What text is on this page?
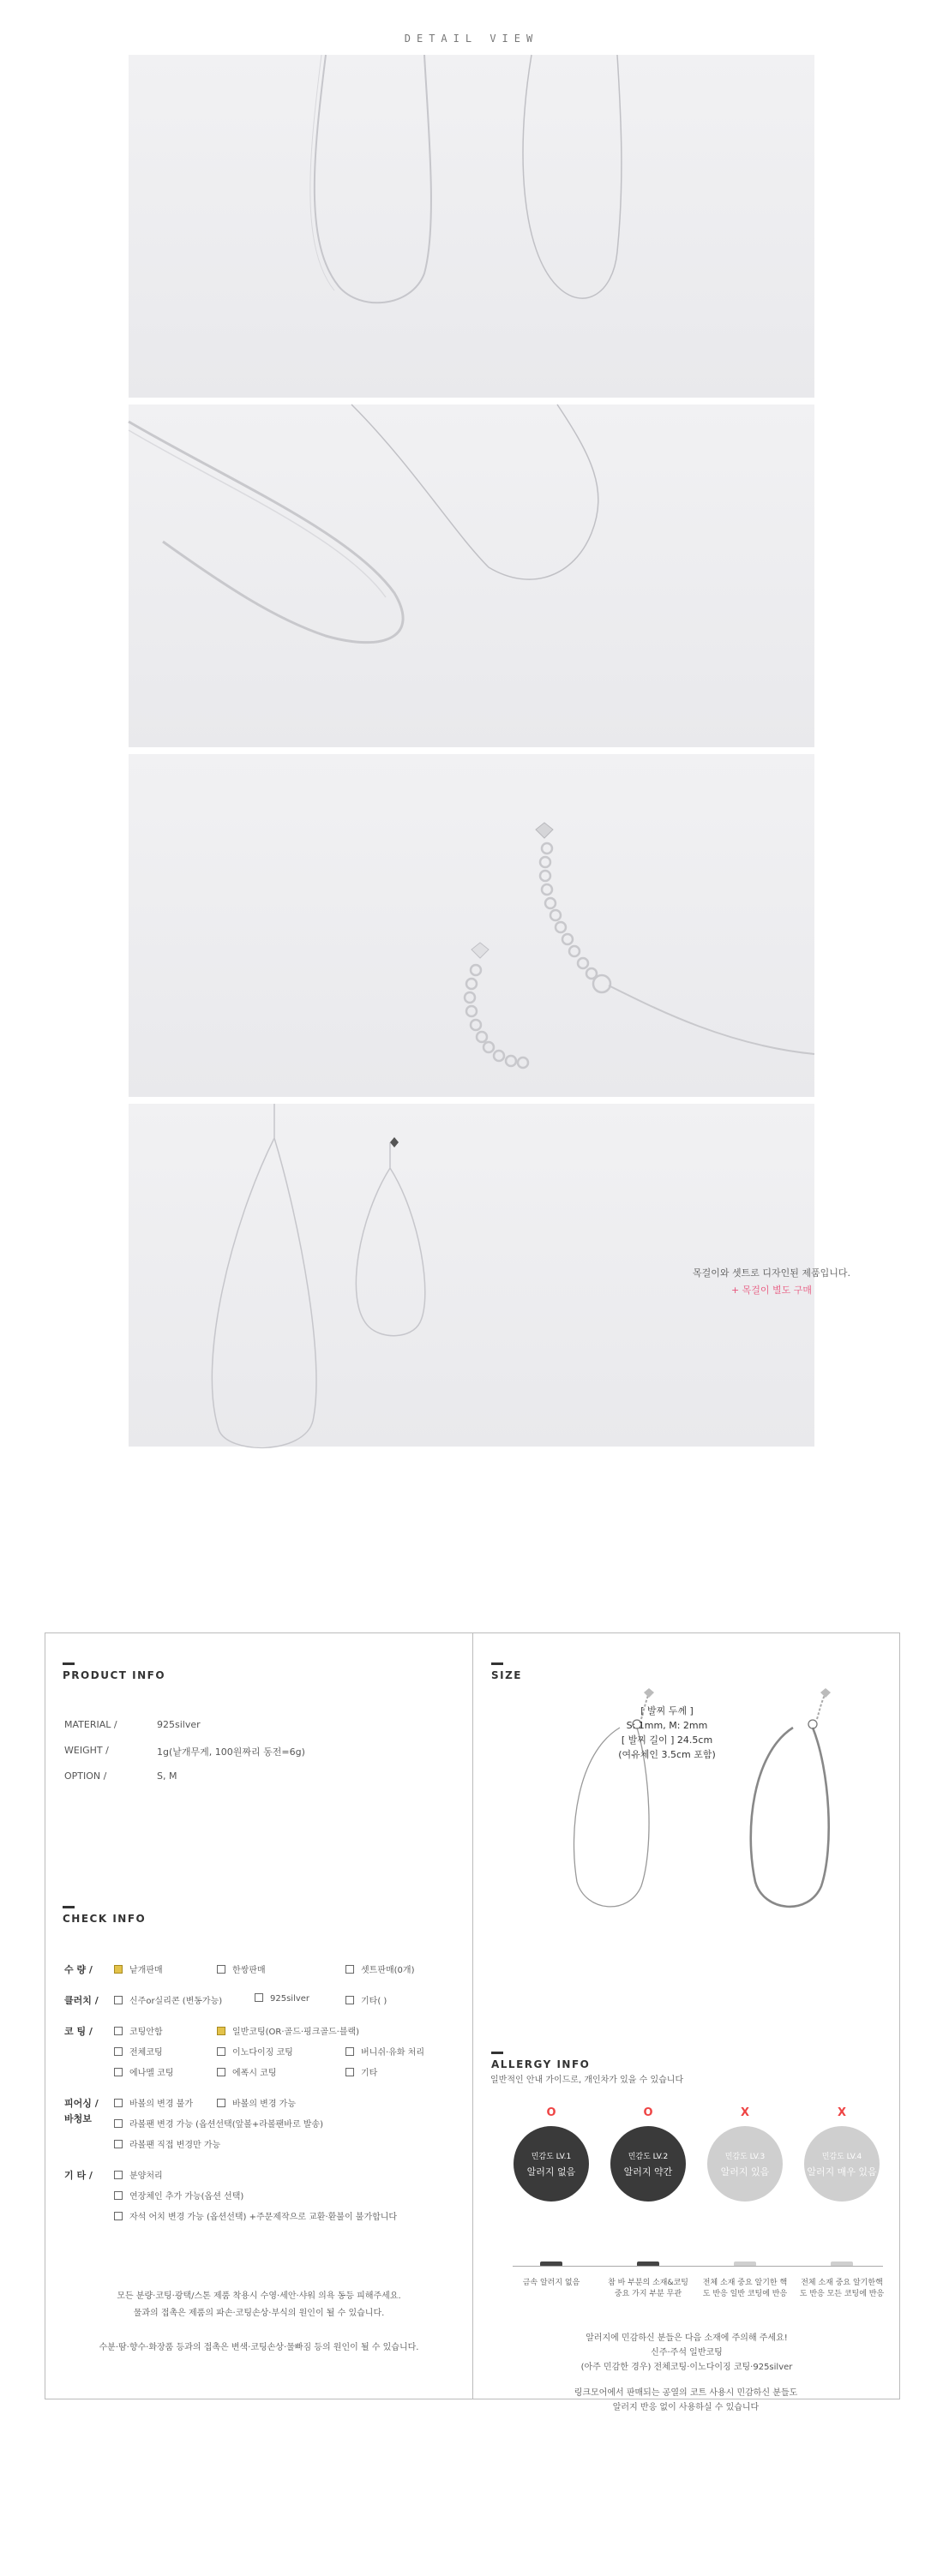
DETAIL VIEW
목걸이와 셋트로 디자인된 제품입니다.
+ 목걸이 별도 구매
PRODUCT INFO
MATERIAL /	925silver
WEIGHT /	1g(낱개무게, 100원짜리 동전=6g)
OPTION /	S, M
CHECK INFO
수 량 /	낱개판매	한쌍판매	셋트판매(0개)
클러치 /	신주or실리콘 (변동가능)	925silver	기타( )
코 팅 /	코팅안함	일반코팅(OR·골드·핑크골드·블랙)
전체코팅	이노다이징 코팅	버니쉬·유화 처리
에나멜 코팅	에폭시 코팅	기타
피어싱 /
바청보
바볼의 변경 불가	바볼의 변경 가능
라볼팬 변경 가능 (옵션선택(앞볼+라볼팬바로 발송)
라볼팬 직접 변경만 가능
기 타 /	분양처리
연장체인 추가 가능(옵션 선택)
자석 어치 변경 가능 (옵션선택) +주문제작으로 교환·환불이 불가합니다
모든 분량·코팅·광택/스톤 제품 착용시 수영·세안·샤워 의욕 동등 피해주세요.
물과의 접촉은 제품의 파손·코팅손상·부식의 원인이 될 수 있습니다.
수분·땀·향수·화장품 등과의 접촉은 변색·코팅손상·물빠짐 등의 원인이 될 수 있습니다.
SIZE
ALLERGY INFO
O	O	X	X
민감도 LV.1
알러지 없음
민감도 LV.2
알러지 약간
민감도 LV.3
알러지 있음
민감도 LV.4
알러지 매우 있음
금속 알러지 없음	참 바 부분의 소재&코팅 중요 가지 부분 무관
전체 소재 중요 알기한 핵도 반응 일반 코팅에 반응
전체 소재 중요 알기한핵도 반응 모든 코팅에 반응
알러지에 민감하신 분들은 다음 소재에 주의해 주세요!
신주·주석 일반코팅
(아주 민감한 경우) 전체코팅·이노다이징 코팅·925silver
[ 발찌 두께 ]
S: 1mm, M: 2mm
[ 발찌 길이 ] 24.5cm
(여유체인 3.5cm 포함)
일반적인 안내 가이드로, 개인차가 있을 수 있습니다
링크모어에서 판매되는 공열의 코트 사용시 민감하신 분들도
알러지 반응 없이 사용하실 수 있습니다
